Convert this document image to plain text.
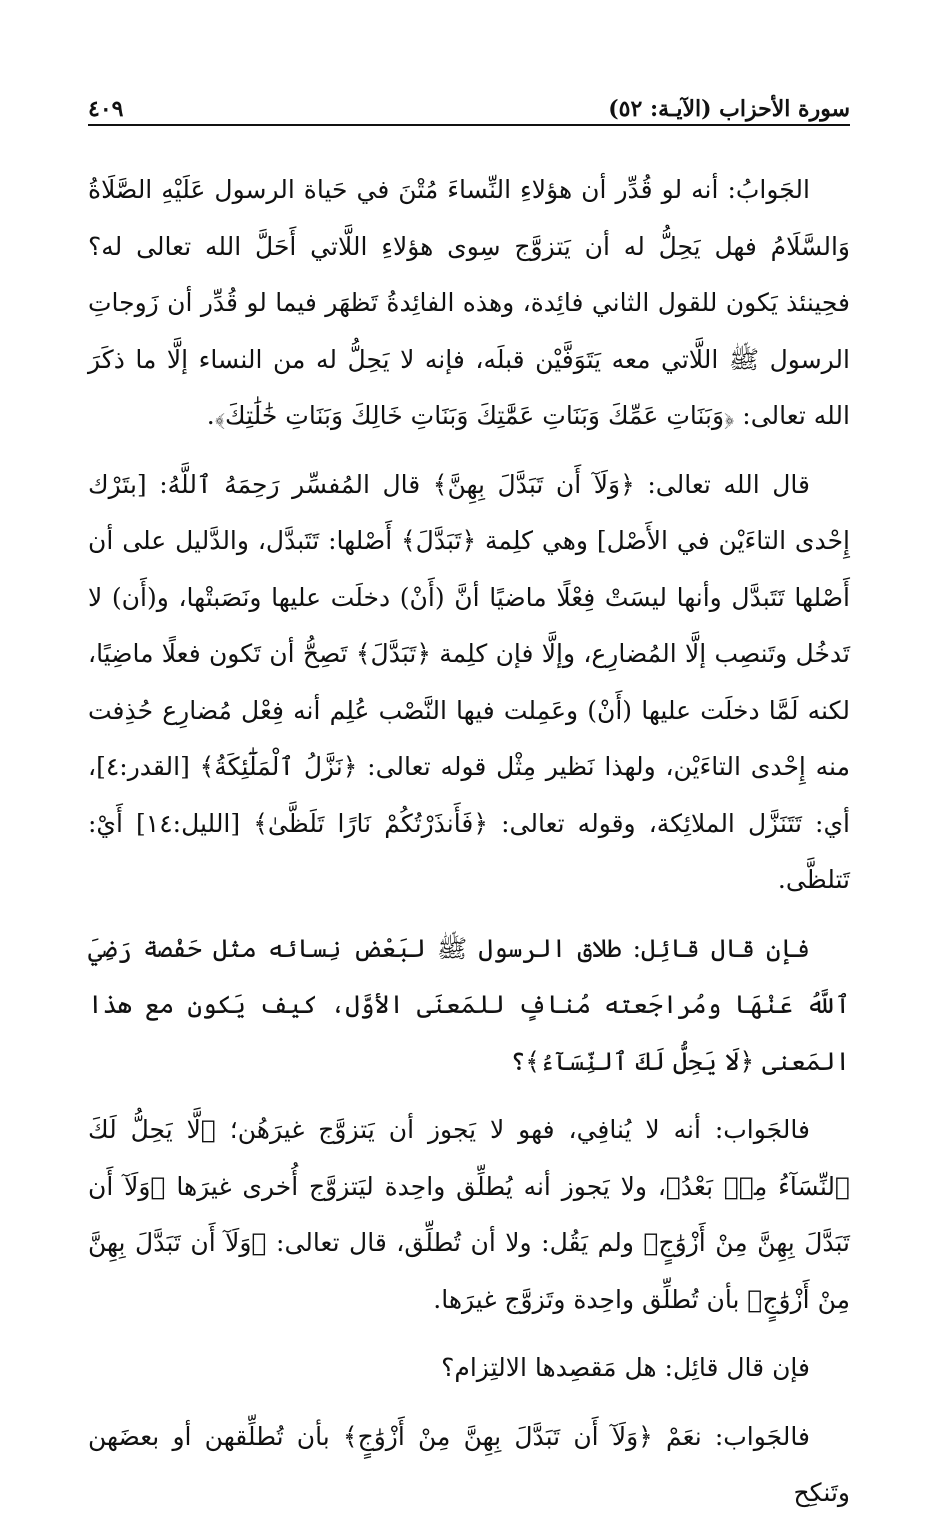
سورة الأحزاب (الآيـة: ٥٢)
٤٠٩

الجَوابُ: أنه لو قُدِّر أن هؤلاءِ النِّساءَ مُتْنَ في حَياة الرسول عَلَيْهِ الصَّلَاةُ وَالسَّلَامُ فهل يَحِلُّ له أن يَتزوَّج سِوى هؤلاءِ اللَّاتي أَحَلَّ الله تعالى له؟ فحِينئذ يَكون للقول الثاني فائِدة، وهذه الفائِدةُ تَظهَر فيما لو قُدِّر أن زَوجاتِ الرسول ﷺ اللَّاتي معه يَتَوَفَّيْن قبلَه، فإنه لا يَحِلُّ له من النساء إلَّا ما ذكَرَ الله تعالى: ﴿وَبَنَاتِ عَمِّكَ وَبَنَاتِ عَمَّٰتِكَ وَبَنَاتِ خَالِكَ وَبَنَاتِ خَٰلَٰتِكَ﴾.

قال الله تعالى: ﴿وَلَآ أَن تَبَدَّلَ بِهِنَّ﴾ قال المُفسِّر رَحِمَهُ ٱللَّهُ: [بتَرْك إِحْدى التاءَيْن في الأَصْل] وهي كلِمة ﴿تَبَدَّلَ﴾ أَصْلها: تَتَبدَّل، والدَّليل على أن أَصْلها تَتَبدَّل وأنها ليسَتْ فِعْلًا ماضيًا أنَّ (أَنْ) دخلَت عليها ونَصَبتْها، و(أَن) لا تَدخُل وتَنصِب إلَّا المُضارِع، وإلَّا فإن كلِمة ﴿تَبَدَّلَ﴾ تَصِحُّ أن تَكون فعلًا ماضِيًا، لكنه لَمَّا دخلَت عليها (أَنْ) وعَمِلت فيها النَّصْب عُلِم أنه فِعْل مُضارِع حُذِفت منه إِحْدى التاءَيْن، ولهذا نَظير مِثْل قوله تعالى: ﴿نَزَّلُ ٱلْمَلَٰٓئِكَةُ﴾ [القدر:٤]، أي: تَتَنَزَّل الملائِكة، وقوله تعالى: ﴿فَأَنذَرْتُكُمْ نَارًا تَلَظَّىٰ﴾ [الليل:١٤] أَيْ: تَتلظَّى.

فإن قال قائِل: طلاق الرسول ﷺ لبَعْض نِسائه مثل حَفْصة رَضِيَ ٱللَّهُ عَنْهَا ومُراجَعته مُنافٍ للمَعنَى الأوَّل، كيف يَكون مع هذا المَعنى ﴿لَا يَحِلُّ لَكَ ٱلنِّسَآءُ﴾؟

فالجَواب: أنه لا يُنافِي، فهو لا يَجوز أن يَتزوَّج غيرَهُن؛ ﴿لَّا يَحِلُّ لَكَ ٱلنِّسَآءُ مِنۢ بَعْدُ﴾، ولا يَجوز أنه يُطلِّق واحِدة ليَتزوَّج أُخرى غيرَها ﴿وَلَآ أَن تَبَدَّلَ بِهِنَّ مِنْ أَزْوَٰجٍ﴾ ولم يَقُل: ولا أن تُطلِّق، قال تعالى: ﴿وَلَآ أَن تَبَدَّلَ بِهِنَّ مِنْ أَزْوَٰجٍ﴾ بأن تُطلِّق واحِدة وتَزوَّج غيرَها.

فإن قال قائِل: هل مَقصِدها الالتِزام؟

فالجَواب: نعَمْ ﴿وَلَآ أَن تَبَدَّلَ بِهِنَّ مِنْ أَزْوَٰجٍ﴾ بأن تُطلِّقهن أو بعضَهن وتَنكِح
